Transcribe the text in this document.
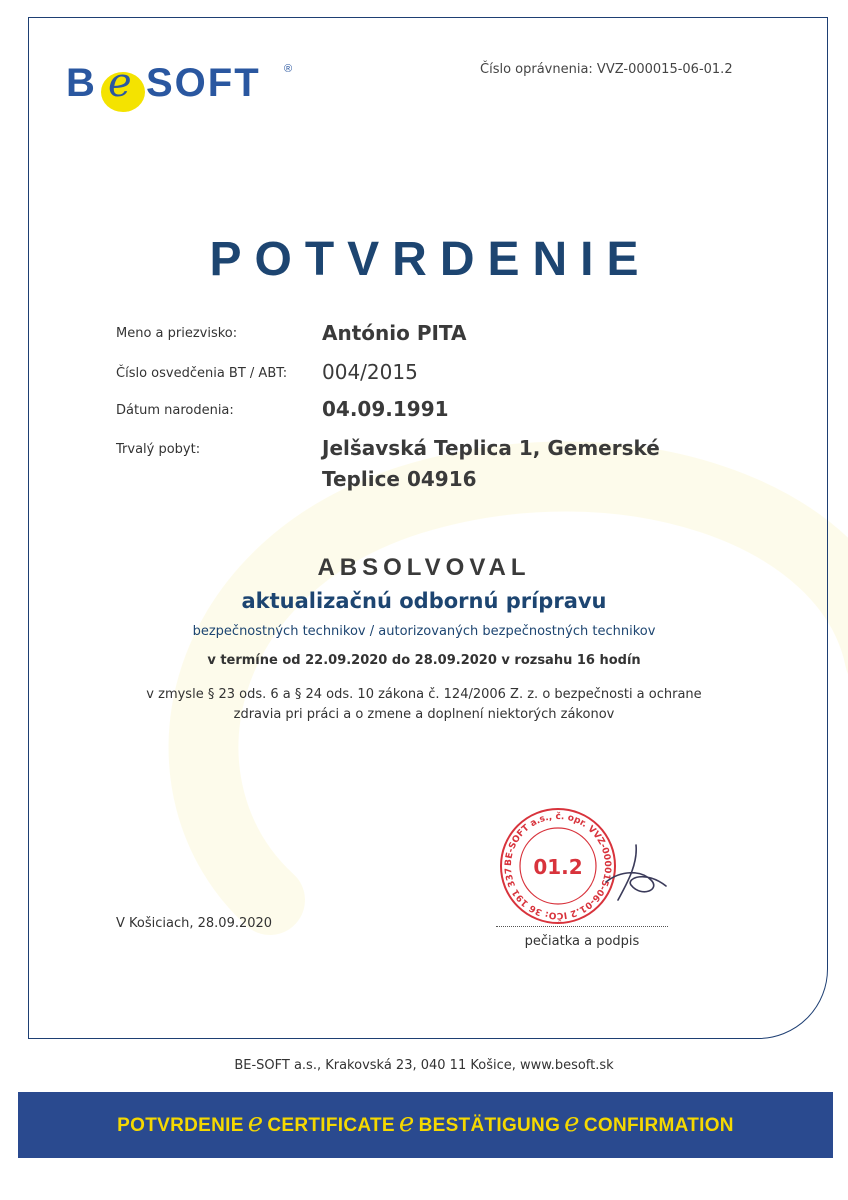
B e SOFT ®	Číslo oprávnenia: VVZ-000015-06-01.2
POTVRDENIE
Meno a priezvisko:	António PITA
Číslo osvedčenia BT / ABT: 004/2015
Dátum narodenia:	04.09.1991
Trvalý pobyt:	Jelšavská Teplica 1, Gemerské
Teplice 04916
ABSOLVOVAL
aktualizačnú odbornú prípravu
bezpečnostných technikov / autorizovaných bezpečnostných technikov
v termíne od 22.09.2020 do 28.09.2020 v rozsahu 16 hodín
v zmysle § 23 ods. 6 a § 24 ods. 10 zákona č. 124/2006 Z. z. o bezpečnosti a ochrane
zdravia pri práci a o zmene a doplnení niektorých zákonov
BE-SOFT a.s., č. opr. VVZ-000015-06-01.2 IČO: 36 191 337 01.2
V Košiciach, 28.09.2020
pečiatka a podpis
BE-SOFT a.s., Krakovská 23, 040 11 Košice, www.besoft.sk
POTVRDENIE e CERTIFICATE e BESTÄTIGUNG e CONFIRMATION
